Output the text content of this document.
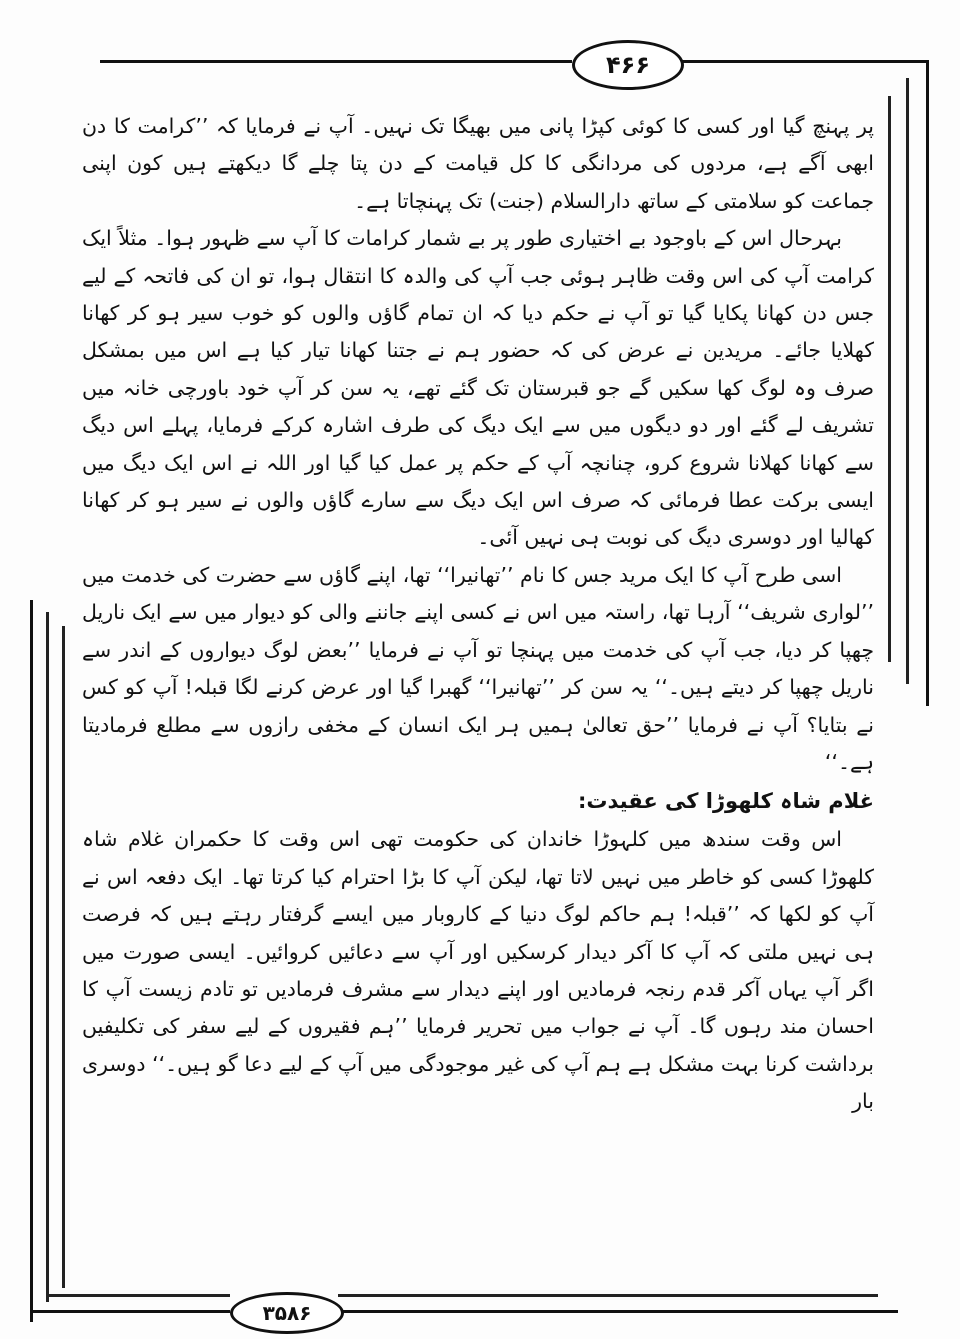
۴۶۶

پر پہنچ گیا اور کسی کا کوئی کپڑا پانی میں بھیگا تک نہیں۔ آپ نے فرمایا کہ ’’کرامت کا دن ابھی آگے ہے، مردوں کی مردانگی کا کل قیامت کے دن پتا چلے گا دیکھتے ہیں کون اپنی جماعت کو سلامتی کے ساتھ دارالسلام (جنت) تک پہنچاتا ہے۔

بہرحال اس کے باوجود بے اختیاری طور پر بے شمار کرامات کا آپ سے ظہور ہوا۔ مثلاً ایک کرامت آپ کی اس وقت ظاہر ہوئی جب آپ کی والدہ کا انتقال ہوا، تو ان کی فاتحہ کے لیے جس دن کھانا پکایا گیا تو آپ نے حکم دیا کہ ان تمام گاؤں والوں کو خوب سیر ہو کر کھانا کھلایا جائے۔ مریدین نے عرض کی کہ حضور ہم نے جتنا کھانا تیار کیا ہے اس میں بمشکل صرف وہ لوگ کھا سکیں گے جو قبرستان تک گئے تھے، یہ سن کر آپ خود باورچی خانہ میں تشریف لے گئے اور دو دیگوں میں سے ایک دیگ کی طرف اشارہ کرکے فرمایا، پہلے اس دیگ سے کھانا کھلانا شروع کرو، چنانچہ آپ کے حکم پر عمل کیا گیا اور اللہ نے اس ایک دیگ میں ایسی برکت عطا فرمائی کہ صرف اس ایک دیگ سے سارے گاؤں والوں نے سیر ہو کر کھانا کھالیا اور دوسری دیگ کی نوبت ہی نہیں آئی۔

اسی طرح آپ کا ایک مرید جس کا نام ’’تھانیرا‘‘ تھا، اپنے گاؤں سے حضرت کی خدمت میں ’’لواری شریف‘‘ آرہا تھا، راستہ میں اس نے کسی اپنے جاننے والی کو دیوار میں سے ایک ناریل چھپا کر دیا، جب آپ کی خدمت میں پہنچا تو آپ نے فرمایا ’’بعض لوگ دیواروں کے اندر سے ناریل چھپا کر دیتے ہیں۔‘‘ یہ سن کر ’’تھانیرا‘‘ گھبرا گیا اور عرض کرنے لگا قبلہ! آپ کو کس نے بتایا؟ آپ نے فرمایا ’’حق تعالیٰ ہمیں ہر ایک انسان کے مخفی رازوں سے مطلع فرمادیتا ہے۔‘‘

غلام شاہ کلھوڑا کی عقیدت:

اس وقت سندھ میں کلہوڑا خاندان کی حکومت تھی اس وقت کا حکمران غلام شاہ کلھوڑا کسی کو خاطر میں نہیں لاتا تھا، لیکن آپ کا بڑا احترام کیا کرتا تھا۔ ایک دفعہ اس نے آپ کو لکھا کہ ’’قبلہ! ہم حاکم لوگ دنیا کے کاروبار میں ایسے گرفتار رہتے ہیں کہ فرصت ہی نہیں ملتی کہ آپ کا آکر دیدار کرسکیں اور آپ سے دعائیں کروائیں۔ ایسی صورت میں اگر آپ یہاں آکر قدم رنجہ فرمادیں اور اپنے دیدار سے مشرف فرمادیں تو تادم زیست آپ کا احسان مند رہوں گا۔ آپ نے جواب میں تحریر فرمایا ’’ہم فقیروں کے لیے سفر کی تکلیفیں برداشت کرنا بہت مشکل ہے ہم آپ کی غیر موجودگی میں آپ کے لیے دعا گو ہیں۔‘‘ دوسری بار

۳۵۸۶
